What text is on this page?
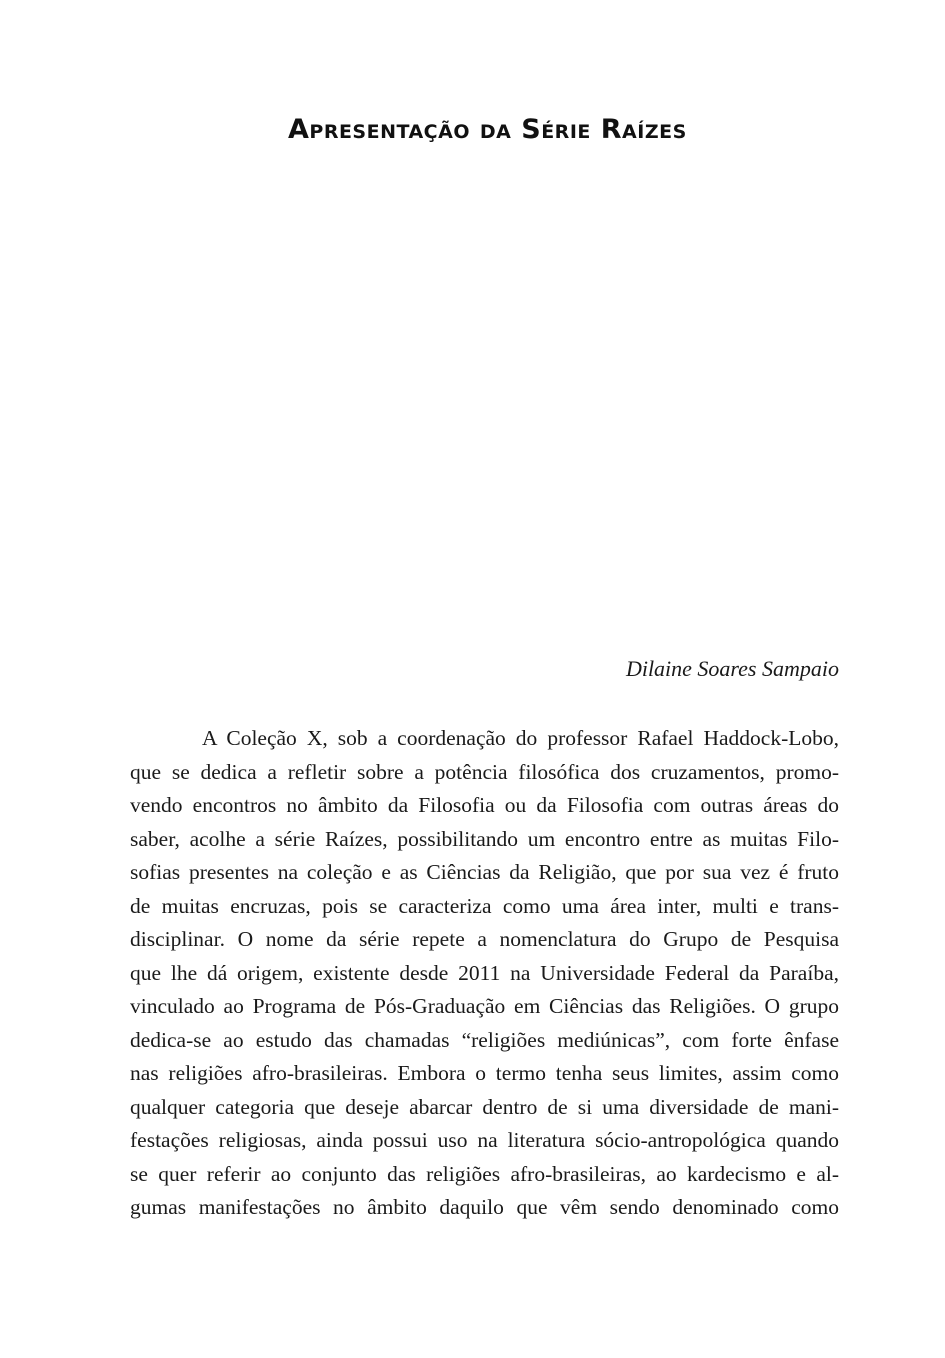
Apresentação da Série Raízes
Dilaine Soares Sampaio
A Coleção X, sob a coordenação do professor Rafael Haddock-Lobo,
que se dedica a refletir sobre a potência filosófica dos cruzamentos, promo-
vendo encontros no âmbito da Filosofia ou da Filosofia com outras áreas do
saber, acolhe a série Raízes, possibilitando um encontro entre as muitas Filo-
sofias presentes na coleção e as Ciências da Religião, que por sua vez é fruto
de muitas encruzas, pois se caracteriza como uma área inter, multi e trans-
disciplinar. O nome da série repete a nomenclatura do Grupo de Pesquisa
que lhe dá origem, existente desde 2011 na Universidade Federal da Paraíba,
vinculado ao Programa de Pós-Graduação em Ciências das Religiões. O grupo
dedica-se ao estudo das chamadas “religiões mediúnicas”, com forte ênfase
nas religiões afro-brasileiras. Embora o termo tenha seus limites, assim como
qualquer categoria que deseje abarcar dentro de si uma diversidade de mani-
festações religiosas, ainda possui uso na literatura sócio-antropológica quando
se quer referir ao conjunto das religiões afro-brasileiras, ao kardecismo e al-
gumas manifestações no âmbito daquilo que vêm sendo denominado como
